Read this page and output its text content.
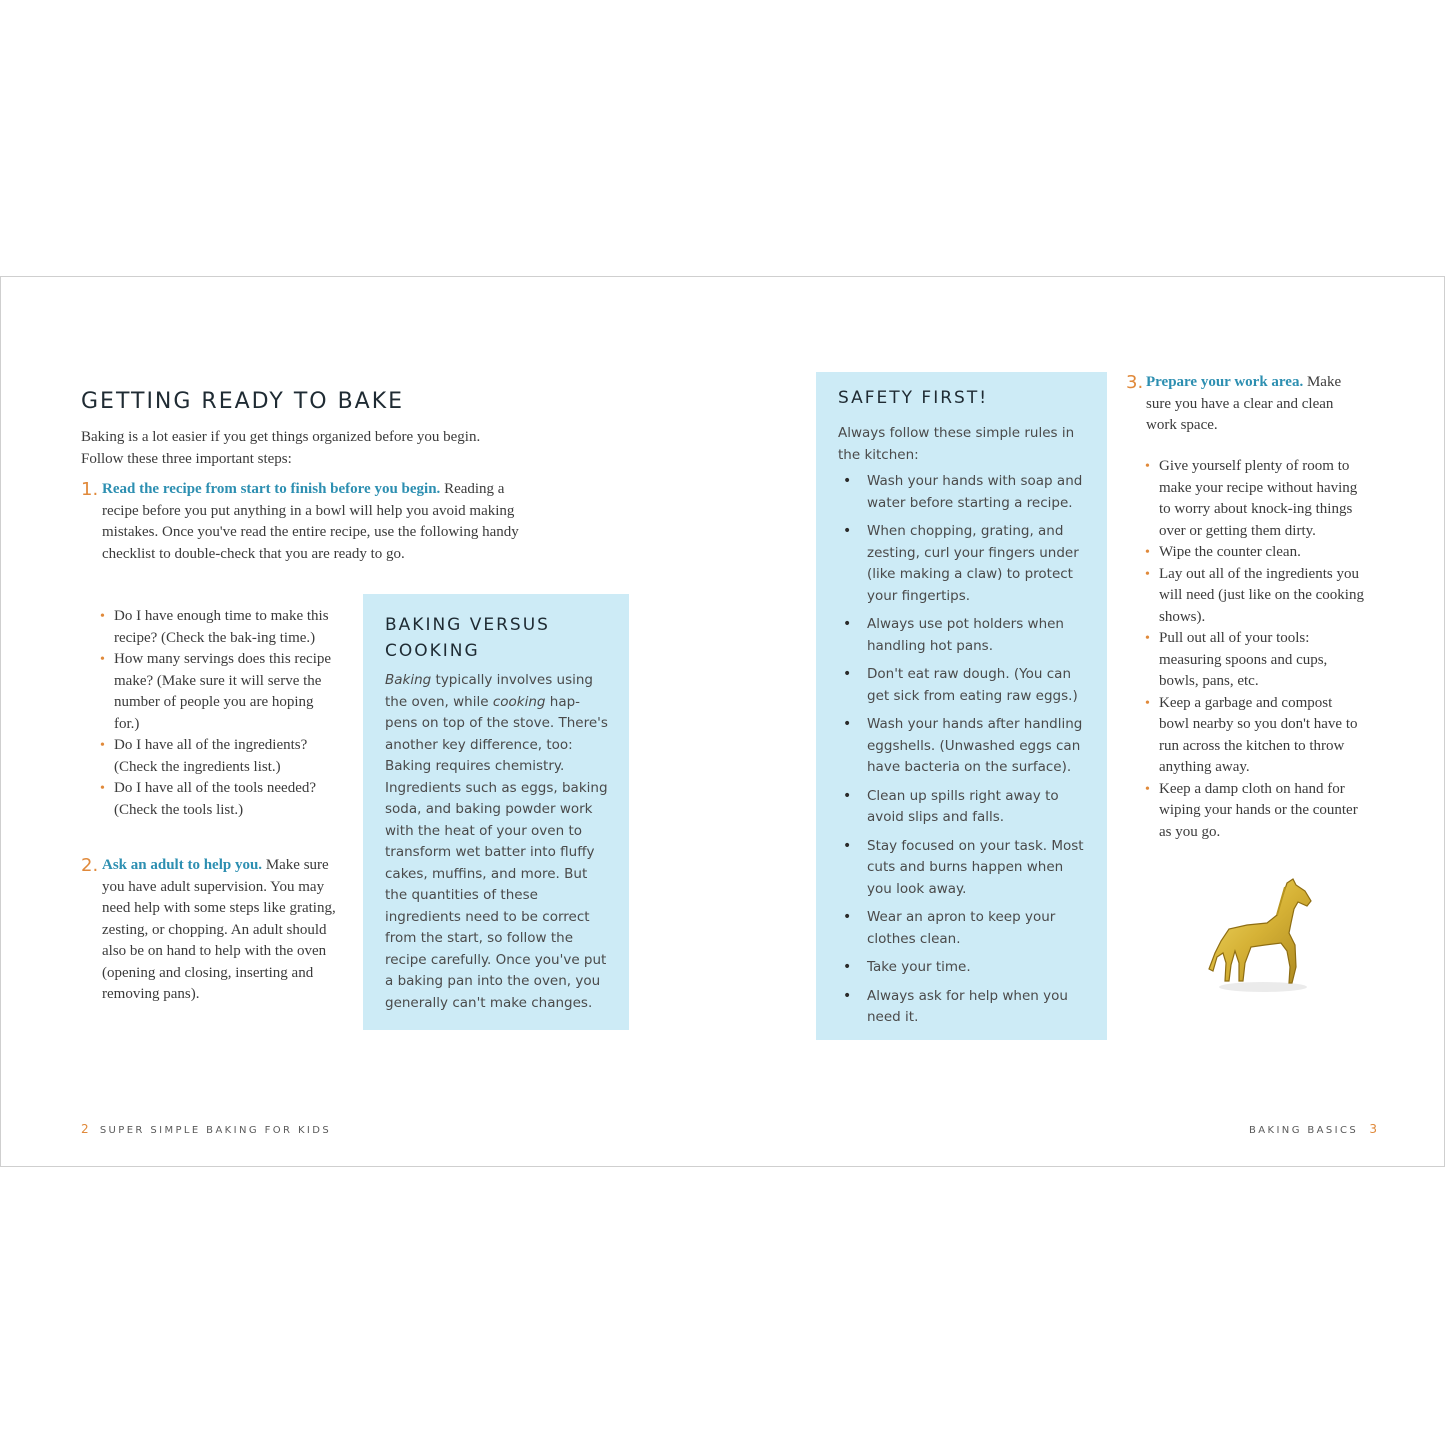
GETTING READY TO BAKE

Baking is a lot easier if you get things organized before you begin. Follow these three important steps:

1. Read the recipe from start to finish before you begin. Reading a recipe before you put anything in a bowl will help you avoid making mistakes. Once you've read the entire recipe, use the following handy checklist to double-check that you are ready to go.
• Do I have enough time to make this recipe? (Check the bak-ing time.)
• How many servings does this recipe make? (Make sure it will serve the number of people you are hoping for.)
• Do I have all of the ingredients? (Check the ingredients list.)
• Do I have all of the tools needed? (Check the tools list.)
2. Ask an adult to help you. Make sure you have adult supervision. You may need help with some steps like grating, zesting, or chopping. An adult should also be on hand to help with the oven (opening and closing, inserting and removing pans).
BAKING VERSUS
COOKING

Baking typically involves using the oven, while cooking hap-pens on top of the stove. There's another key difference, too: Baking requires chemistry. Ingredients such as eggs, baking soda, and baking powder work with the heat of your oven to transform wet batter into fluffy cakes, muffins, and more. But the quantities of these ingredients need to be correct from the start, so follow the recipe carefully. Once you've put a baking pan into the oven, you generally can't make changes.

2 SUPER SIMPLE BAKING FOR KIDS
SAFETY FIRST!

Always follow these simple rules in the kitchen:

• Wash your hands with soap and water before starting a recipe.
• When chopping, grating, and zesting, curl your fingers under (like making a claw) to protect your fingertips.
• Always use pot holders when handling hot pans.
• Don't eat raw dough. (You can get sick from eating raw eggs.)
• Wash your hands after handling eggshells. (Unwashed eggs can have bacteria on the surface).
• Clean up spills right away to avoid slips and falls.
• Stay focused on your task. Most cuts and burns happen when you look away.
• Wear an apron to keep your clothes clean.
• Take your time.
• Always ask for help when you need it.
3. Prepare your work area. Make sure you have a clear and clean work space.
• Give yourself plenty of room to make your recipe without having to worry about knock-ing things over or getting them dirty.
• Wipe the counter clean.
• Lay out all of the ingredients you will need (just like on the cooking shows).
• Pull out all of your tools: measuring spoons and cups, bowls, pans, etc.
• Keep a garbage and compost bowl nearby so you don't have to run across the kitchen to throw anything away.
• Keep a damp cloth on hand for wiping your hands or the counter as you go.
BAKING BASICS 3
